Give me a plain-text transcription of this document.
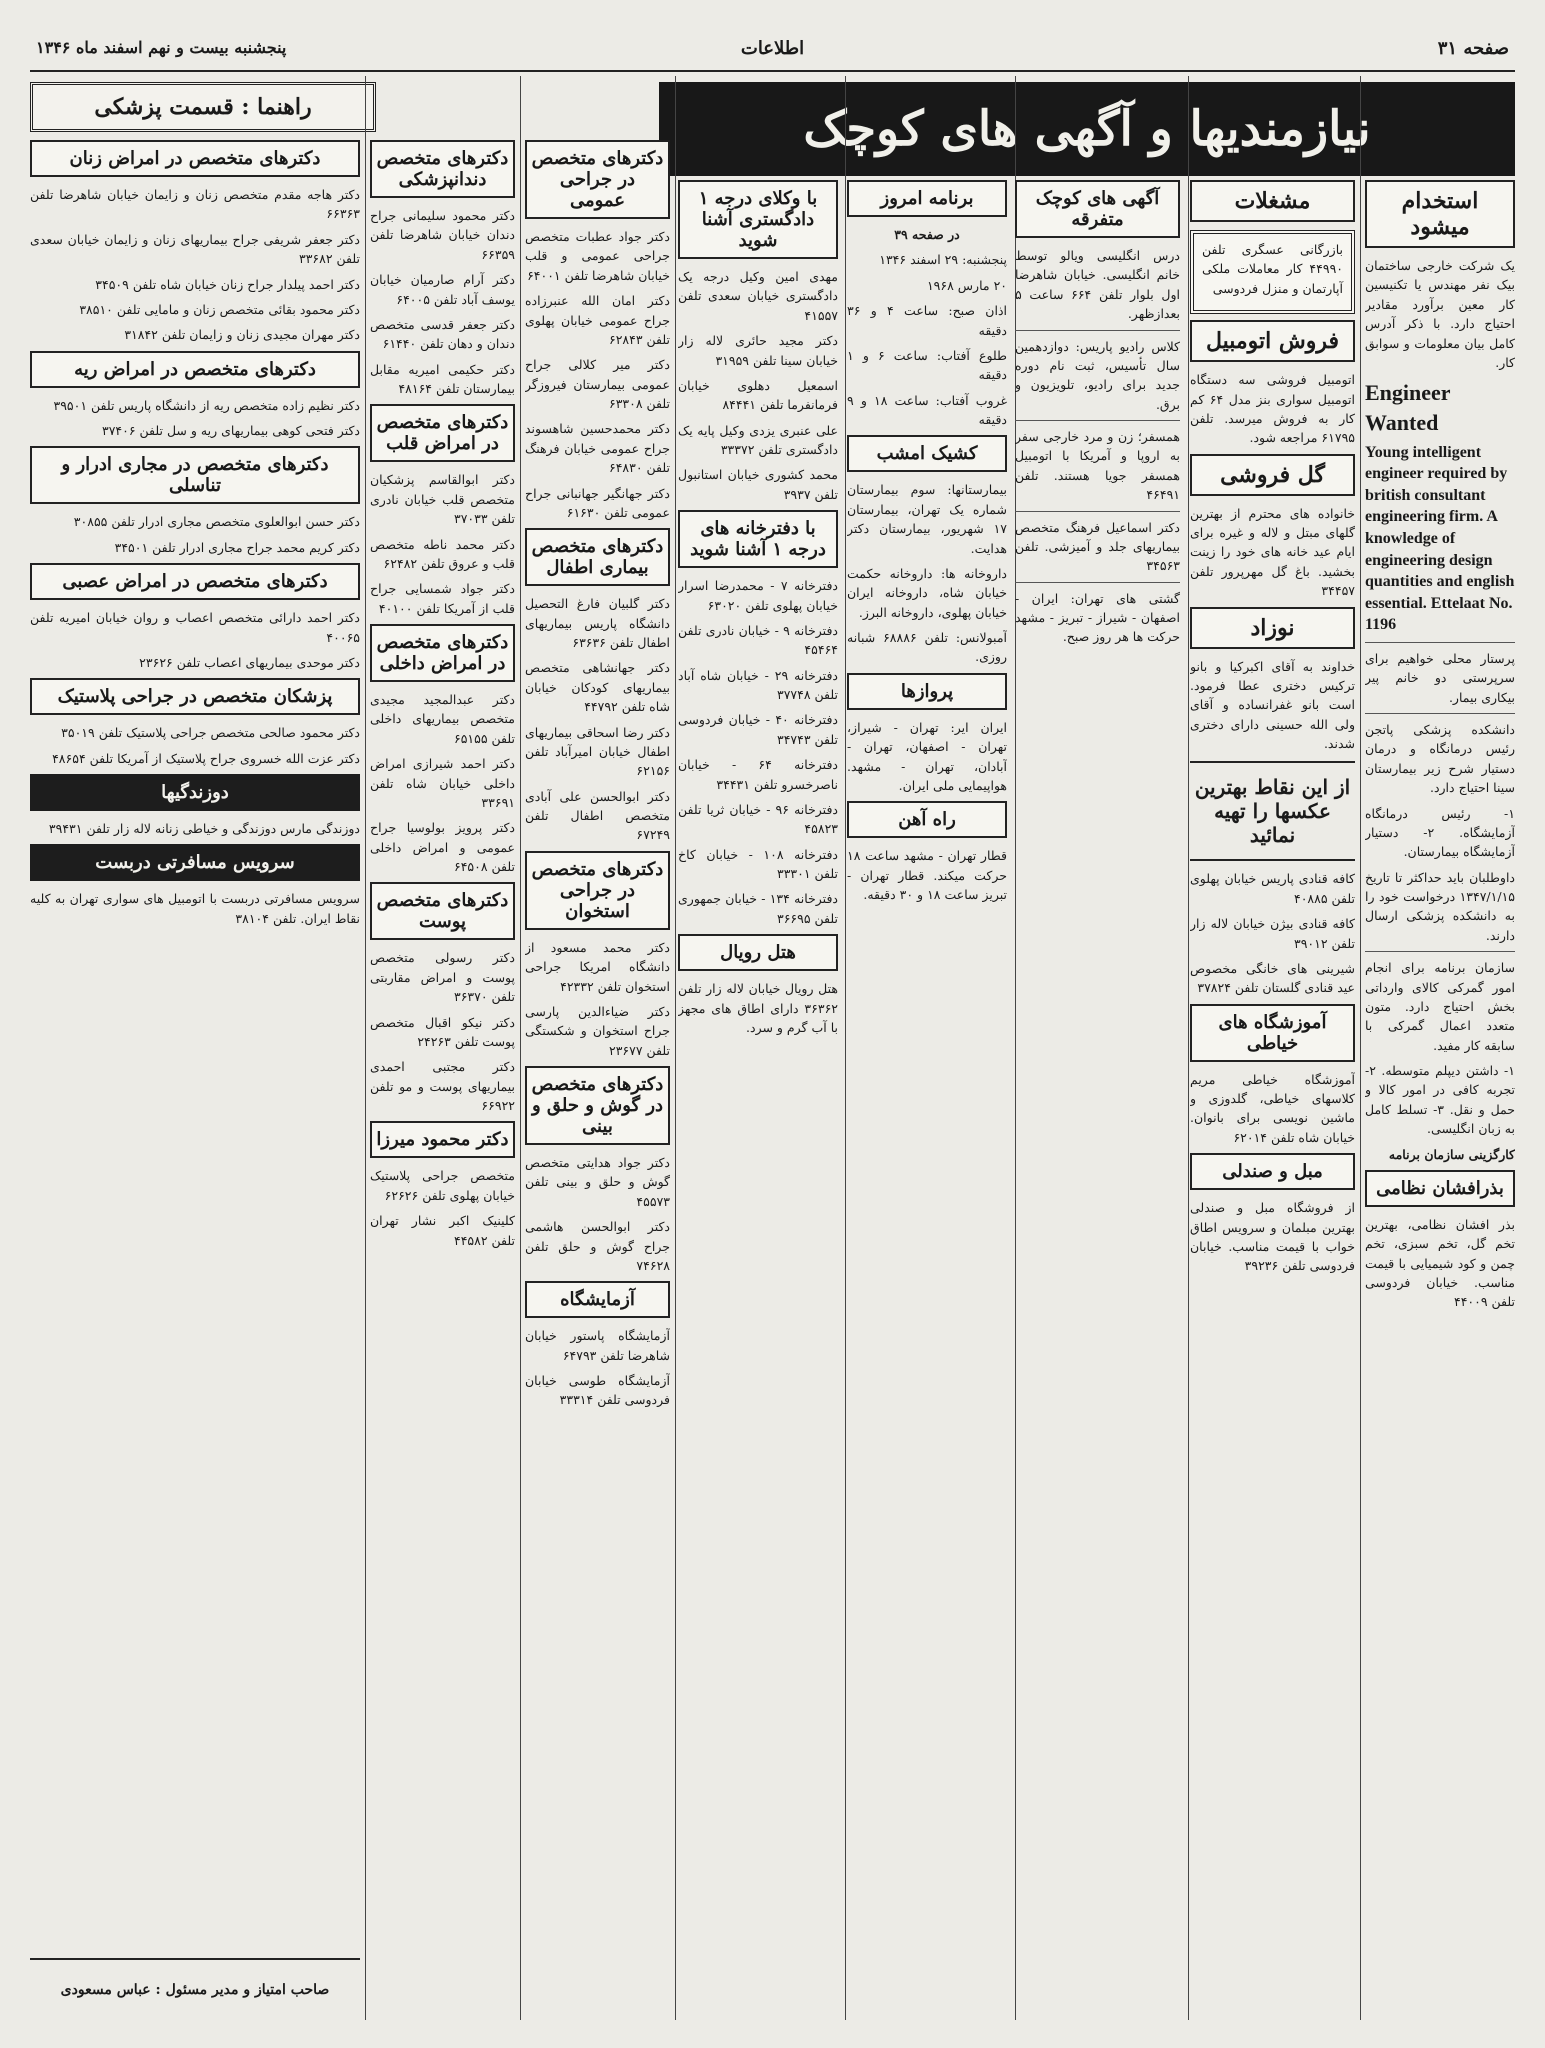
صفحه ۳۱
اطلاعات
پنجشنبه بیست و نهم اسفند ماه ۱۳۴۶
نیازمندیها و آگهی های کوچک
راهنما : قسمت پزشکی
استخدام میشود

یک شرکت خارجی ساختمان بیک نفر مهندس یا تکنیسین کار معین برآورد مقادیر احتیاج دارد. با ذکر آدرس کامل بیان معلومات و سوابق کار.

Engineer Wanted
Young intelligent engineer required by british consultant engineering firm. A knowledge of engineering design quantities and english essential. Ettelaat No. 1196

پرستار محلی خواهیم برای سرپرستی دو خانم پیر بیکاری بیمار.

دانشکده پزشکی پاتجن رئیس درمانگاه و درمان دستیار شرح زیر بیمارستان سینا احتیاج دارد.

۱- رئیس درمانگاه آزمایشگاه. ۲- دستیار آزمایشگاه بیمارستان.

داوطلبان باید حداکثر تا تاریخ ۱۳۴۷/۱/۱۵ درخواست خود را به دانشکده پزشکی ارسال دارند.

سازمان برنامه برای انجام امور گمرکی کالای وارداتی بخش احتیاج دارد. متون متعدد اعمال گمرکی با سابقه کار مفید.

۱- داشتن دیپلم متوسطه. ۲- تجربه کافی در امور کالا و حمل و نقل. ۳- تسلط کامل به زبان انگلیسی.

کارگزینی سازمان برنامه

بذرافشان نظامی

بذر افشان نظامی، بهترین تخم گل، تخم سبزی، تخم چمن و کود شیمیایی با قیمت مناسب. خیابان فردوسی تلفن ۴۴۰۰۹

مشغلات

بازرگانی عسگری تلفن ۴۴۹۹۰ کار معاملات ملکی آپارتمان و منزل فردوسی

فروش اتومبیل

اتومبیل فروشی سه دستگاه اتومبیل سواری بنز مدل ۶۴ کم کار به فروش میرسد. تلفن ۶۱۷۹۵ مراجعه شود.

گل فروشی

خانواده های محترم از بهترین گلهای مبتل و لاله و غیره برای ایام عید خانه های خود را زینت بخشید. باغ گل مهرپرور تلفن ۳۴۴۵۷

نوزاد

خداوند به آقای اکبرکیا و بانو ترکیس دختری عطا فرمود. است بانو غفرانساده و آقای ولی الله حسینی دارای دختری شدند.

از این نقاط بهترین عکسها را تهیه نمائید

کافه قنادی پاریس خیابان پهلوی تلفن ۴۰۸۸۵

کافه قنادی بیژن خیابان لاله زار تلفن ۳۹۰۱۲

شیرینی های خانگی مخصوص عید قنادی گلستان تلفن ۳۷۸۲۴

آموزشگاه های خیاطی

آموزشگاه خیاطی مریم کلاسهای خیاطی، گلدوزی و ماشین نویسی برای بانوان. خیابان شاه تلفن ۶۲۰۱۴

مبل و صندلی

از فروشگاه مبل و صندلی بهترین مبلمان و سرویس اطاق خواب با قیمت مناسب. خیابان فردوسی تلفن ۳۹۲۳۶

آگهی های کوچک متفرقه

درس انگلیسی ویالو توسط خانم انگلیسی. خیابان شاهرضا اول بلوار تلفن ۶۶۴ ساعت ۵ بعدازظهر.

کلاس رادیو پاریس: دوازدهمین سال تأسیس، ثبت نام دوره جدید برای رادیو، تلویزیون و برق.

همسفر؛ زن و مرد خارجی سفر به اروپا و آمریکا با اتومبیل همسفر جویا هستند. تلفن ۴۶۴۹۱

دکتر اسماعیل فرهنگ متخصص بیماریهای جلد و آمیزشی. تلفن ۳۴۵۶۳

گشتی های تهران: ایران - اصفهان - شیراز - تبریز - مشهد حرکت ها هر روز صبح.

برنامه امروز

در صفحه ۳۹

پنجشنبه: ۲۹ اسفند ۱۳۴۶

۲۰ مارس ۱۹۶۸

اذان صبح: ساعت ۴ و ۳۶ دقیقه

طلوع آفتاب: ساعت ۶ و ۱ دقیقه

غروب آفتاب: ساعت ۱۸ و ۹ دقیقه

کشیک امشب

بیمارستانها: سوم بیمارستان شماره یک تهران، بیمارستان ۱۷ شهریور، بیمارستان دکتر هدایت.

داروخانه ها: داروخانه حکمت خیابان شاه، داروخانه ایران خیابان پهلوی، داروخانه البرز.

آمبولانس: تلفن ۶۸۸۸۶ شبانه روزی.

پروازها

ایران ایر: تهران - شیراز، تهران - اصفهان، تهران - آبادان، تهران - مشهد. هواپیمایی ملی ایران.

راه آهن

قطار تهران - مشهد ساعت ۱۸ حرکت میکند. قطار تهران - تبریز ساعت ۱۸ و ۳۰ دقیقه.

با وکلای درجه ۱ دادگستری آشنا شوید

مهدی امین وکیل درجه یک دادگستری خیابان سعدی تلفن ۴۱۵۵۷

دکتر مجید حائری لاله زار خیابان سینا تلفن ۳۱۹۵۹

اسمعیل دهلوی خیابان فرمانفرما تلفن ۸۴۴۴۱

علی عنبری یزدی وکیل پایه یک دادگستری تلفن ۳۳۳۷۲

محمد کشوری خیابان استانبول تلفن ۳۹۳۷

با دفترخانه های درجه ۱ آشنا شوید

دفترخانه ۷ - محمدرضا اسرار خیابان پهلوی تلفن ۶۳۰۲۰

دفترخانه ۹ - خیابان نادری تلفن ۴۵۴۶۴

دفترخانه ۲۹ - خیابان شاه آباد تلفن ۳۷۷۴۸

دفترخانه ۴۰ - خیابان فردوسی تلفن ۳۴۷۴۳

دفترخانه ۶۴ - خیابان ناصرخسرو تلفن ۳۴۴۳۱

دفترخانه ۹۶ - خیابان ثریا تلفن ۴۵۸۲۳

دفترخانه ۱۰۸ - خیابان کاخ تلفن ۳۳۳۰۱

دفترخانه ۱۳۴ - خیابان جمهوری تلفن ۳۶۶۹۵

هتل رویال

هتل رویال خیابان لاله زار تلفن ۳۶۳۶۲ دارای اطاق های مجهز با آب گرم و سرد.

دکترهای متخصص در جراحی عمومی

دکتر جواد عطبات متخصص جراحی عمومی و قلب خیابان شاهرضا تلفن ۶۴۰۰۱

دکتر امان الله عنبرزاده جراح عمومی خیابان پهلوی تلفن ۶۲۸۴۳

دکتر میر کلالی جراح عمومی بیمارستان فیروزگر تلفن ۶۳۳۰۸

دکتر محمدحسین شاهسوند جراح عمومی خیابان فرهنگ تلفن ۶۴۸۳۰

دکتر جهانگیر جهانبانی جراح عمومی تلفن ۶۱۶۳۰

دکترهای متخصص بیماری اطفال

دکتر گلبیان فارغ التحصیل دانشگاه پاریس بیماریهای اطفال تلفن ۶۳۶۳۶

دکتر جهانشاهی متخصص بیماریهای کودکان خیابان شاه تلفن ۴۴۷۹۲

دکتر رضا اسحاقی بیماریهای اطفال خیابان امیرآباد تلفن ۶۲۱۵۶

دکتر ابوالحسن علی آبادی متخصص اطفال تلفن ۶۷۲۴۹

دکترهای متخصص در جراحی استخوان

دکتر محمد مسعود از دانشگاه امریکا جراحی استخوان تلفن ۴۲۳۳۲

دکتر ضیاءالدین پارسی جراح استخوان و شکستگی تلفن ۲۳۶۷۷

دکترهای متخصص در گوش و حلق و بینی

دکتر جواد هدایتی متخصص گوش و حلق و بینی تلفن ۴۵۵۷۳

دکتر ابوالحسن هاشمی جراح گوش و حلق تلفن ۷۴۶۲۸

آزمایشگاه

آزمایشگاه پاستور خیابان شاهرضا تلفن ۶۴۷۹۳

آزمایشگاه طوسی خیابان فردوسی تلفن ۳۳۳۱۴

دکترهای متخصص دندانپزشکی

دکتر محمود سلیمانی جراح دندان خیابان شاهرضا تلفن ۶۶۳۵۹

دکتر آرام صارمیان خیابان یوسف آباد تلفن ۶۴۰۰۵

دکتر جعفر قدسی متخصص دندان و دهان تلفن ۶۱۴۴۰

دکتر حکیمی امیریه مقابل بیمارستان تلفن ۴۸۱۶۴

دکترهای متخصص در امراض قلب

دکتر ابوالقاسم پزشکیان متخصص قلب خیابان نادری تلفن ۳۷۰۳۳

دکتر محمد ناطه متخصص قلب و عروق تلفن ۶۲۴۸۲

دکتر جواد شمسایی جراح قلب از آمریکا تلفن ۴۰۱۰۰

دکترهای متخصص در امراض داخلی

دکتر عبدالمجید مجیدی متخصص بیماریهای داخلی تلفن ۶۵۱۵۵

دکتر احمد شیرازی امراض داخلی خیابان شاه تلفن ۳۳۶۹۱

دکتر پرویز بولوسیا جراح عمومی و امراض داخلی تلفن ۶۴۵۰۸

دکترهای متخصص پوست

دکتر رسولی متخصص پوست و امراض مقاربتی تلفن ۳۶۳۷۰

دکتر نیکو اقبال متخصص پوست تلفن ۲۴۲۶۳

دکتر مجتبی احمدی بیماریهای پوست و مو تلفن ۶۶۹۲۲

دکتر محمود میرزا

متخصص جراحی پلاستیک خیابان پهلوی تلفن ۶۲۶۲۶

کلینیک اکبر نشار تهران تلفن ۴۴۵۸۲

دکترهای متخصص در امراض زنان

دکتر هاجه مقدم متخصص زنان و زایمان خیابان شاهرضا تلفن ۶۶۳۶۳

دکتر جعفر شریفی جراح بیماریهای زنان و زایمان خیابان سعدی تلفن ۳۳۶۸۲

دکتر احمد پیلدار جراح زنان خیابان شاه تلفن ۳۴۵۰۹

دکتر محمود بقائی متخصص زنان و مامایی تلفن ۳۸۵۱۰

دکتر مهران مجیدی زنان و زایمان تلفن ۳۱۸۴۲

دکترهای متخصص در امراض ریه

دکتر نظیم زاده متخصص ریه از دانشگاه پاریس تلفن ۳۹۵۰۱

دکتر فتحی کوهی بیماریهای ریه و سل تلفن ۳۷۴۰۶

دکترهای متخصص در مجاری ادرار و تناسلی

دکتر حسن ابوالعلوی متخصص مجاری ادرار تلفن ۳۰۸۵۵

دکتر کریم محمد جراح مجاری ادرار تلفن ۳۴۵۰۱

دکترهای متخصص در امراض عصبی

دکتر احمد دارائی متخصص اعصاب و روان خیابان امیریه تلفن ۴۰۰۶۵

دکتر موحدی بیماریهای اعصاب تلفن ۲۳۶۲۶

پزشکان متخصص در جراحی پلاستیک

دکتر محمود صالحی متخصص جراحی پلاستیک تلفن ۳۵۰۱۹

دکتر عزت الله خسروی جراح پلاستیک از آمریکا تلفن ۴۸۶۵۴

دوزندگیها

دوزندگی مارس دوزندگی و خیاطی زنانه لاله زار تلفن ۳۹۴۳۱

سرویس مسافرتی دربست

سرویس مسافرتی دربست با اتومبیل های سواری تهران به کلیه نقاط ایران. تلفن ۳۸۱۰۴

صاحب امتیاز و مدیر مسئول : عباس مسعودی
